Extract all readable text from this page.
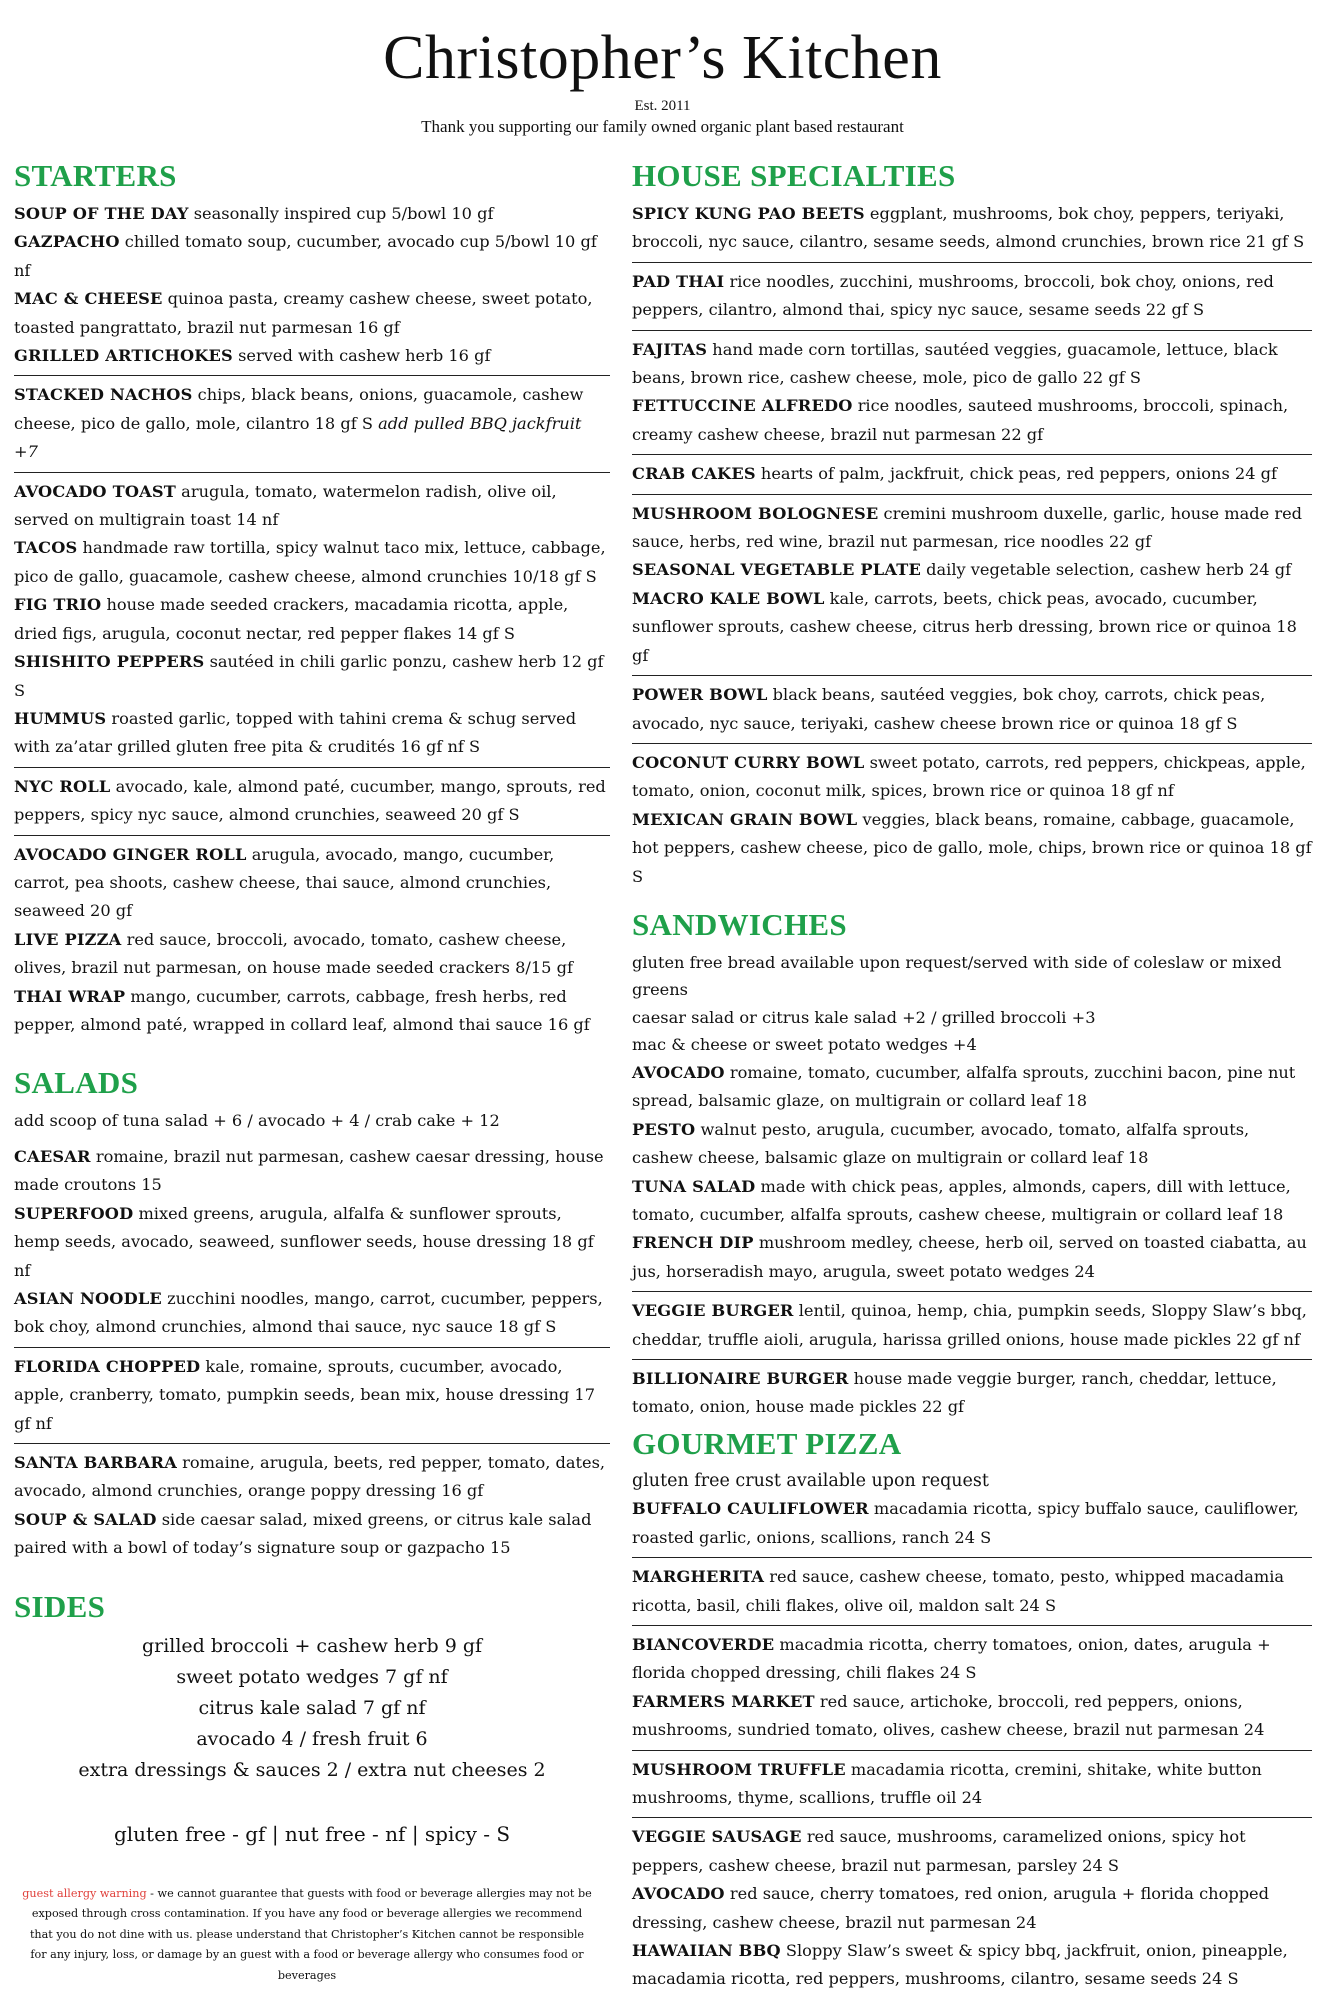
Christopher’s Kitchen
Est. 2011
Thank you supporting our family owned organic plant based restaurant
STARTERS

SOUP OF THE DAY seasonally inspired cup 5/bowl 10 gf

GAZPACHO chilled tomato soup, cucumber, avocado cup 5/bowl 10 gf nf

MAC & CHEESE quinoa pasta, creamy cashew cheese, sweet potato, toasted pangrattato, brazil nut parmesan 16 gf

GRILLED ARTICHOKES served with cashew herb 16 gf

STACKED NACHOS chips, black beans, onions, guacamole, cashew cheese, pico de gallo, mole, cilantro 18 gf S add pulled BBQ jackfruit +7

AVOCADO TOAST arugula, tomato, watermelon radish, olive oil, served on multigrain toast 14 nf

TACOS handmade raw tortilla, spicy walnut taco mix, lettuce, cabbage, pico de gallo, guacamole, cashew cheese, almond crunchies 10/18 gf S

FIG TRIO house made seeded crackers, macadamia ricotta, apple, dried figs, arugula, coconut nectar, red pepper flakes 14 gf S

SHISHITO PEPPERS sautéed in chili garlic ponzu, cashew herb 12 gf S

HUMMUS roasted garlic, topped with tahini crema & schug served with za’atar grilled gluten free pita & crudités 16 gf nf S

NYC ROLL avocado, kale, almond paté, cucumber, mango, sprouts, red peppers, spicy nyc sauce, almond crunchies, seaweed 20 gf S

AVOCADO GINGER ROLL arugula, avocado, mango, cucumber, carrot, pea shoots, cashew cheese, thai sauce, almond crunchies, seaweed 20 gf

LIVE PIZZA red sauce, broccoli, avocado, tomato, cashew cheese, olives, brazil nut parmesan, on house made seeded crackers 8/15 gf

THAI WRAP mango, cucumber, carrots, cabbage, fresh herbs, red pepper, almond paté, wrapped in collard leaf, almond thai sauce 16 gf

SALADS

add scoop of tuna salad + 6 / avocado + 4 / crab cake + 12

CAESAR romaine, brazil nut parmesan, cashew caesar dressing, house made croutons 15

SUPERFOOD mixed greens, arugula, alfalfa & sunflower sprouts, hemp seeds, avocado, seaweed, sunflower seeds, house dressing 18 gf nf

ASIAN NOODLE zucchini noodles, mango, carrot, cucumber, peppers, bok choy, almond crunchies, almond thai sauce, nyc sauce 18 gf S

FLORIDA CHOPPED kale, romaine, sprouts, cucumber, avocado, apple, cranberry, tomato, pumpkin seeds, bean mix, house dressing 17 gf nf

SANTA BARBARA romaine, arugula, beets, red pepper, tomato, dates, avocado, almond crunchies, orange poppy dressing 16 gf

SOUP & SALAD side caesar salad, mixed greens, or citrus kale salad paired with a bowl of today’s signature soup or gazpacho 15

SIDES
grilled broccoli + cashew herb 9 gf
sweet potato wedges 7 gf nf
citrus kale salad 7 gf nf
avocado 4 / fresh fruit 6
extra dressings & sauces 2 / extra nut cheeses 2
gluten free - gf | nut free - nf | spicy - S
guest allergy warning - we cannot guarantee that guests with food or beverage allergies may not be exposed through cross contamination. If you have any food or beverage allergies we recommend that you do not dine with us. please understand that Christopher’s Kitchen cannot be responsible for any injury, loss, or damage by an guest with a food or beverage allergy who consumes food or beverages
HOUSE SPECIALTIES

SPICY KUNG PAO BEETS eggplant, mushrooms, bok choy, peppers, teriyaki, broccoli, nyc sauce, cilantro, sesame seeds, almond crunchies, brown rice 21 gf S

PAD THAI rice noodles, zucchini, mushrooms, broccoli, bok choy, onions, red peppers, cilantro, almond thai, spicy nyc sauce, sesame seeds 22 gf S

FAJITAS hand made corn tortillas, sautéed veggies, guacamole, lettuce, black beans, brown rice, cashew cheese, mole, pico de gallo 22 gf S

FETTUCCINE ALFREDO rice noodles, sauteed mushrooms, broccoli, spinach, creamy cashew cheese, brazil nut parmesan 22 gf

CRAB CAKES hearts of palm, jackfruit, chick peas, red peppers, onions 24 gf

MUSHROOM BOLOGNESE cremini mushroom duxelle, garlic, house made red sauce, herbs, red wine, brazil nut parmesan, rice noodles 22 gf

SEASONAL VEGETABLE PLATE daily vegetable selection, cashew herb 24 gf

MACRO KALE BOWL kale, carrots, beets, chick peas, avocado, cucumber, sunflower sprouts, cashew cheese, citrus herb dressing, brown rice or quinoa 18 gf

POWER BOWL black beans, sautéed veggies, bok choy, carrots, chick peas, avocado, nyc sauce, teriyaki, cashew cheese brown rice or quinoa 18 gf S

COCONUT CURRY BOWL sweet potato, carrots, red peppers, chickpeas, apple, tomato, onion, coconut milk, spices, brown rice or quinoa 18 gf nf

MEXICAN GRAIN BOWL veggies, black beans, romaine, cabbage, guacamole, hot peppers, cashew cheese, pico de gallo, mole, chips, brown rice or quinoa 18 gf S

SANDWICHES

gluten free bread available upon request/served with side of coleslaw or mixed greens

caesar salad or citrus kale salad +2 / grilled broccoli +3

mac & cheese or sweet potato wedges +4

AVOCADO romaine, tomato, cucumber, alfalfa sprouts, zucchini bacon, pine nut spread, balsamic glaze, on multigrain or collard leaf 18

PESTO walnut pesto, arugula, cucumber, avocado, tomato, alfalfa sprouts, cashew cheese, balsamic glaze on multigrain or collard leaf 18

TUNA SALAD made with chick peas, apples, almonds, capers, dill with lettuce, tomato, cucumber, alfalfa sprouts, cashew cheese, multigrain or collard leaf 18

FRENCH DIP mushroom medley, cheese, herb oil, served on toasted ciabatta, au jus, horseradish mayo, arugula, sweet potato wedges 24

VEGGIE BURGER lentil, quinoa, hemp, chia, pumpkin seeds, Sloppy Slaw’s bbq, cheddar, truffle aioli, arugula, harissa grilled onions, house made pickles 22 gf nf

BILLIONAIRE BURGER house made veggie burger, ranch, cheddar, lettuce, tomato, onion, house made pickles 22 gf

GOURMET PIZZA

gluten free crust available upon request

BUFFALO CAULIFLOWER macadamia ricotta, spicy buffalo sauce, cauliflower, roasted garlic, onions, scallions, ranch 24 S

MARGHERITA red sauce, cashew cheese, tomato, pesto, whipped macadamia ricotta, basil, chili flakes, olive oil, maldon salt 24 S

BIANCOVERDE macadmia ricotta, cherry tomatoes, onion, dates, arugula + florida chopped dressing, chili flakes 24 S

FARMERS MARKET red sauce, artichoke, broccoli, red peppers, onions, mushrooms, sundried tomato, olives, cashew cheese, brazil nut parmesan 24

MUSHROOM TRUFFLE macadamia ricotta, cremini, shitake, white button mushrooms, thyme, scallions, truffle oil 24

VEGGIE SAUSAGE red sauce, mushrooms, caramelized onions, spicy hot peppers, cashew cheese, brazil nut parmesan, parsley 24 S

AVOCADO red sauce, cherry tomatoes, red onion, arugula + florida chopped dressing, cashew cheese, brazil nut parmesan 24

HAWAIIAN BBQ Sloppy Slaw’s sweet & spicy bbq, jackfruit, onion, pineapple, macadamia ricotta, red peppers, mushrooms, cilantro, sesame seeds 24 S
